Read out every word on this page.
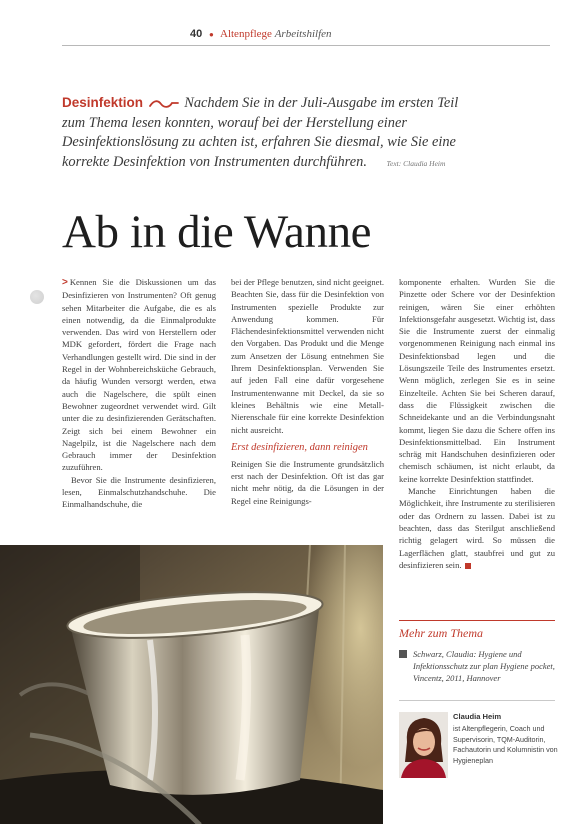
40 ● Altenpflege Arbeitshilfen
Desinfektion	Nachdem Sie in der Juli-Ausgabe im ersten Teil zum Thema lesen konnten, worauf bei der Herstellung einer Desinfektionslösung zu achten ist, erfahren Sie diesmal, wie Sie eine korrekte Desinfektion von Instrumenten durchführen.	Text: Claudia Heim
Ab in die Wanne

> Kennen Sie die Diskussionen um das Desinfizieren von Instrumenten? Oft genug sehen Mitarbeiter die Aufgabe, die es als einen notwendig, da die Einmalprodukte verwenden. Das wird von Herstellern oder MDK gefordert, fördert die Frage nach Verhandlungen gestellt wird. Die sind in der Regel in der Wohnbereichsküche Gebrauch, da häufig Wunden versorgt werden, etwa auch die Nagelschere, die spült einen Bewohner zugeordnet verwendet wird. Gilt unter die zu desinfizierenden Gerätschaften. Zeigt sich bei einem Bewohner ein Nagelpilz, ist die Nagelschere nach dem Gebrauch immer der Desinfektion zuzuführen.

Bevor Sie die Instrumente desinfizieren, lesen, Einmalschutzhandschuhe. Die Einmalhandschuhe, die

bei der Pflege benutzen, sind nicht geeignet. Beachten Sie, dass für die Desinfektion von Instrumenten spezielle Produkte zur Anwendung kommen. Für Flächendesinfektionsmittel verwenden nicht den Vorgaben. Das Produkt und die Menge zum Ansetzen der Lösung entnehmen Sie Ihrem Desinfektionsplan. Verwenden Sie auf jeden Fall eine dafür vorgesehene Instrumentenwanne mit Deckel, da sie so kleines Behältnis wie eine Metall-Nierenschale für eine korrekte Desinfektion nicht ausreicht.

Erst desinfizieren, dann reinigen

Reinigen Sie die Instrumente grundsätzlich erst nach der Desinfektion. Oft ist das gar nicht mehr nötig, da die Lösungen in der Regel eine Reinigungs-

komponente erhalten. Wurden Sie die Pinzette oder Schere vor der Desinfektion reinigen, wären Sie einer erhöhten Infektionsgefahr ausgesetzt. Wichtig ist, dass Sie die Instrumente zuerst der einmalig vorgenommenen Reinigung nach einmal ins Desinfektionsbad legen und die Lösungszeile Teile des Instrumentes ersetzt. Wenn möglich, zerlegen Sie es in seine Einzelteile. Achten Sie bei Scheren darauf, dass die Flüssigkeit zwischen die Schneidekante und an die Verbindungsnaht kommt, liegen Sie dazu die Schere offen ins Desinfektionsmittelbad. Ein Instrument schräg mit Handschuhen desinfizieren oder chemisch schäumen, ist nicht erlaubt, da keine korrekte Desinfektion stattfindet.

Manche Einrichtungen haben die Möglichkeit, ihre Instrumente zu sterilisieren oder das Ordnern zu lassen. Dabei ist zu beachten, dass das Sterilgut anschließend richtig gelagert wird. So müssen die Lagerflächen glatt, staubfrei und gut zu desinfizieren sein.

Mehr zum Thema
Schwarz, Claudia: Hygiene und Infektionsschutz zur plan Hygiene pocket, Vincentz, 2011, Hannover
Claudia Heim
ist Altenpflegerin, Coach und Supervisorin, TQM-Auditorin, Fachautorin und Kolumnistin von Hygieneplan
